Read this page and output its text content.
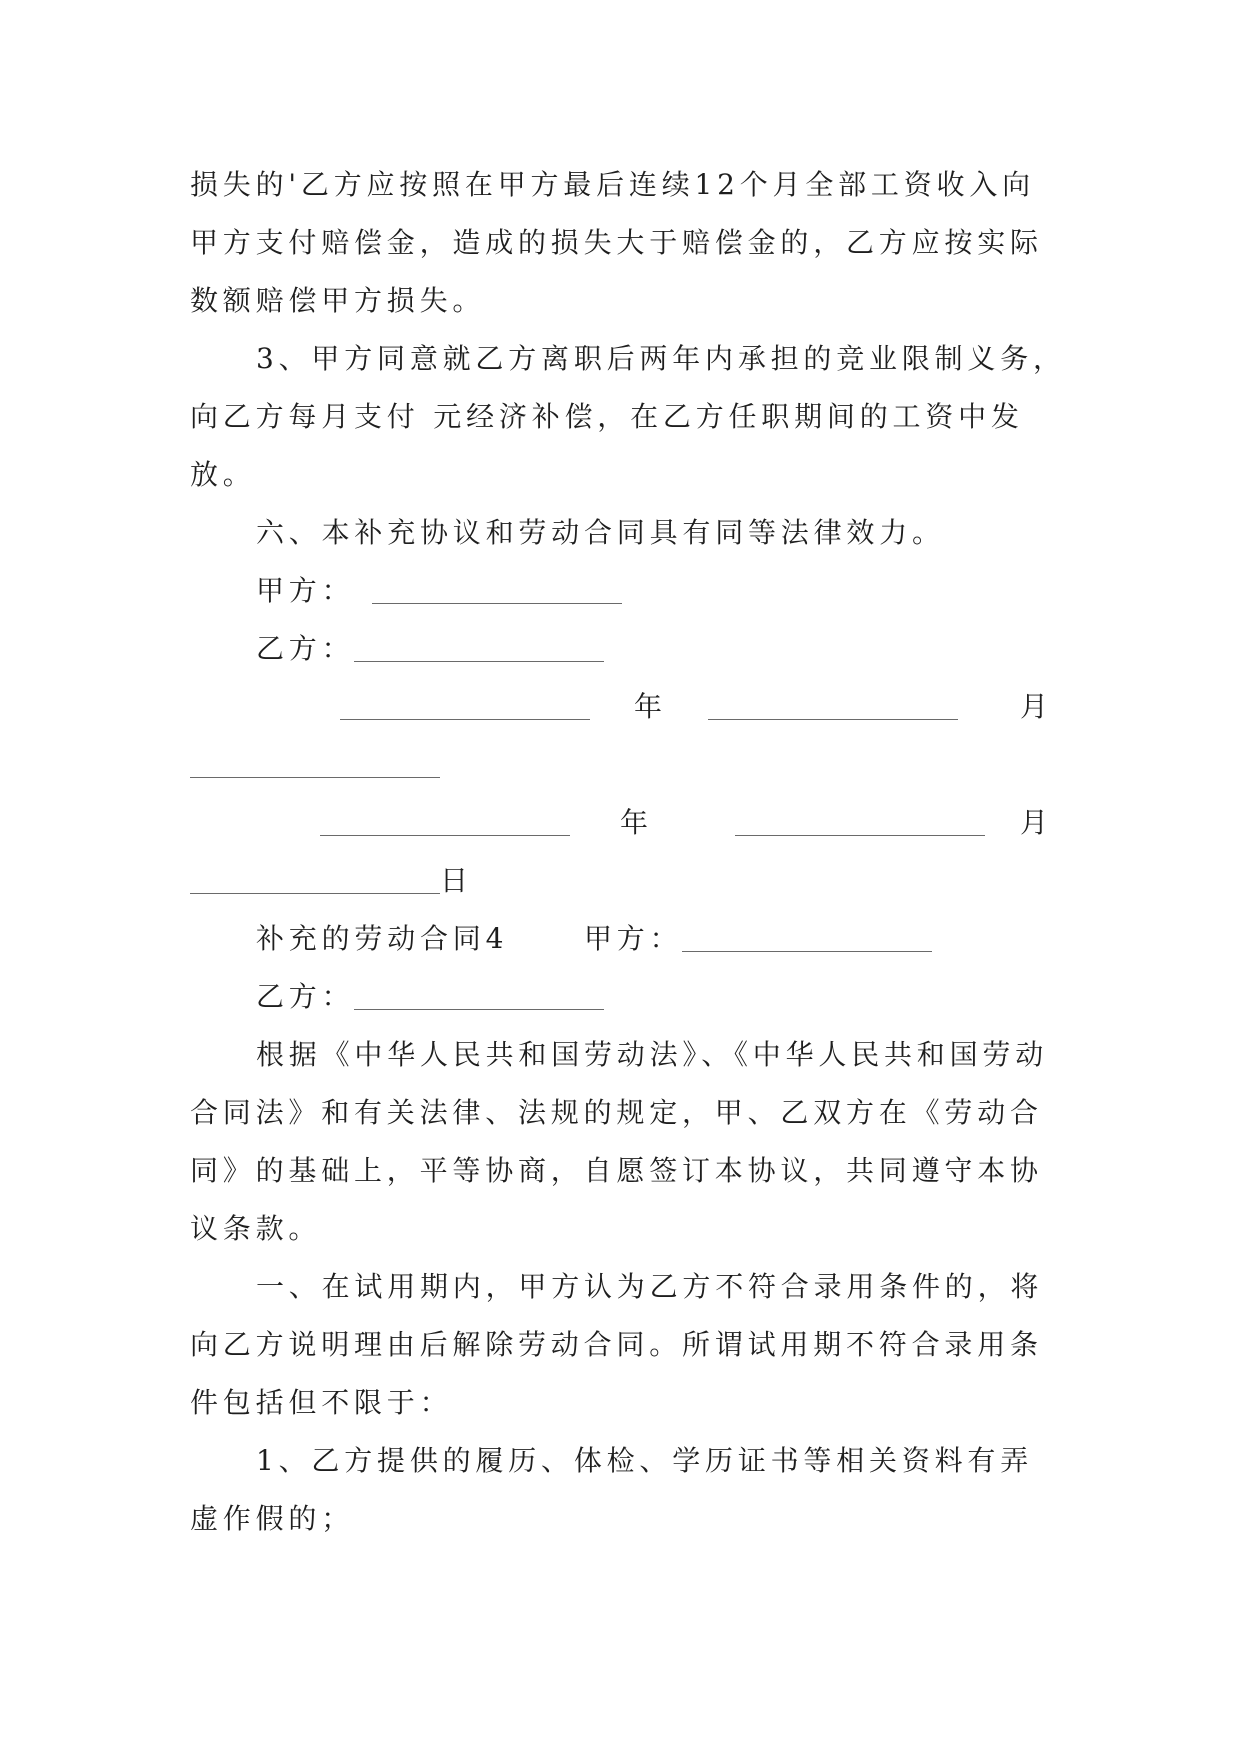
损失的'乙方应按照在甲方最后连续12个月全部工资收入向
甲方支付赔偿金，造成的损失大于赔偿金的，乙方应按实际
数额赔偿甲方损失。
3、甲方同意就乙方离职后两年内承担的竞业限制义务，
向乙方每月支付 元经济补偿，在乙方任职期间的工资中发
放。
六、本补充协议和劳动合同具有同等法律效力。
甲方：
乙方：
年	月
年	月
日
补充的劳动合同4	甲方：
乙方：
根据《中华人民共和国劳动法》、《中华人民共和国劳动
合同法》和有关法律、法规的规定，甲、乙双方在《劳动合
同》的基础上，平等协商，自愿签订本协议，共同遵守本协
议条款。
一、在试用期内，甲方认为乙方不符合录用条件的，将
向乙方说明理由后解除劳动合同。所谓试用期不符合录用条
件包括但不限于：
1、乙方提供的履历、体检、学历证书等相关资料有弄
虚作假的；
